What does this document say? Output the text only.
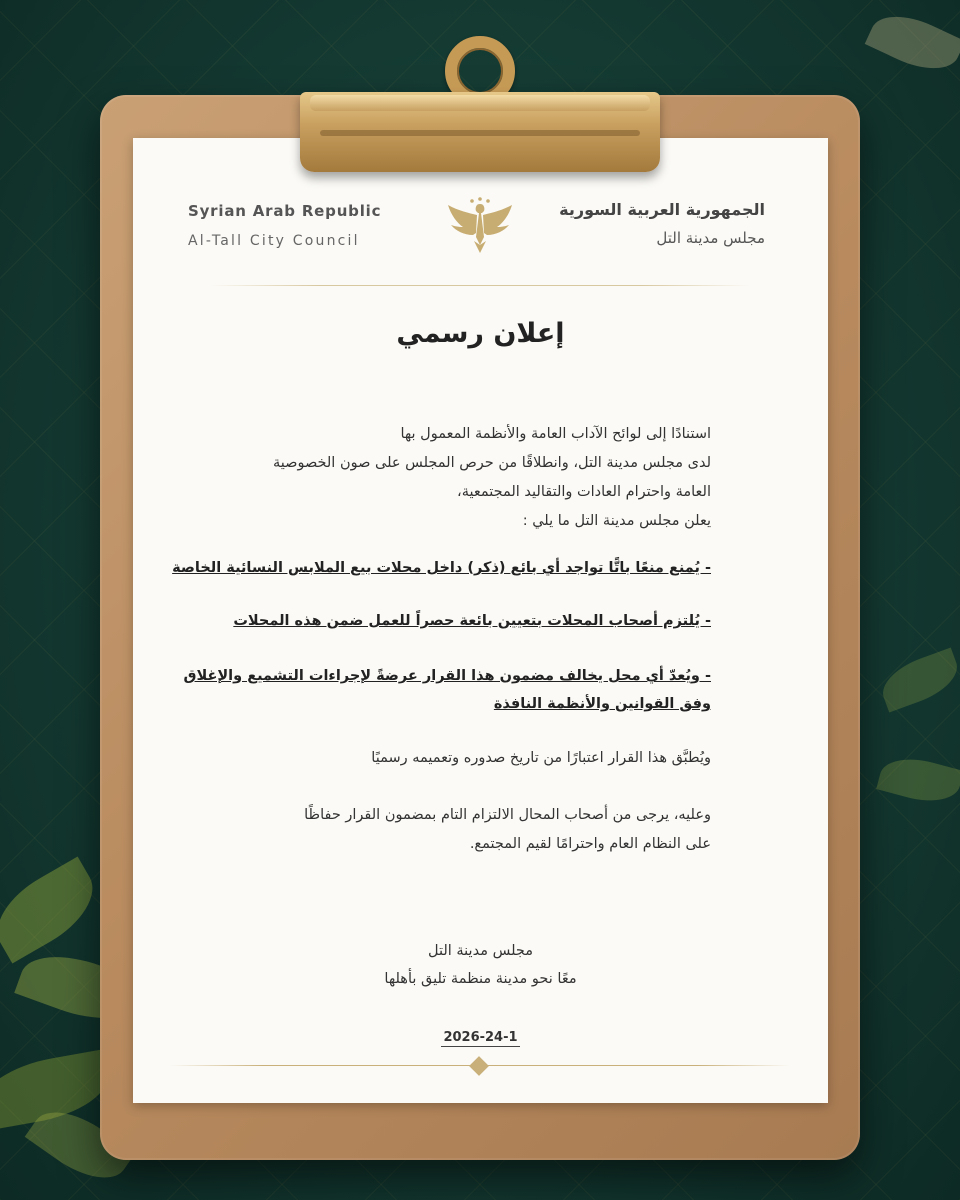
Syrian Arab Republic
Al-Tall City Council
الجمهورية العربية السورية
مجلس مدينة التل
إعلان رسمي
استنادًا إلى لوائح الآداب العامة والأنظمة المعمول بها
لدى مجلس مدينة التل، وانطلاقًا من حرص المجلس على صون الخصوصية
العامة واحترام العادات والتقاليد المجتمعية،
يعلن مجلس مدينة التل ما يلي :
- يُمنع منعًا باتًّا تواجد أي بائع (ذكر) داخل محلات بيع الملابس النسائية الخاصة
- يُلتزم أصحاب المحلات بتعيين بائعة حصراً للعمل ضمن هذه المحلات
- ويُعدّ أي محل يخالف مضمون هذا القرار عرضةً لإجراءات التشميع والإغلاق
وفق القوانين والأنظمة النافذة
ويُطبَّق هذا القرار اعتبارًا من تاريخ صدوره وتعميمه رسميًا
وعليه، يرجى من أصحاب المحال الالتزام التام بمضمون القرار حفاظًا
على النظام العام واحترامًا لقيم المجتمع.
مجلس مدينة التل
معًا نحو مدينة منظمة تليق بأهلها
2026-24-1
